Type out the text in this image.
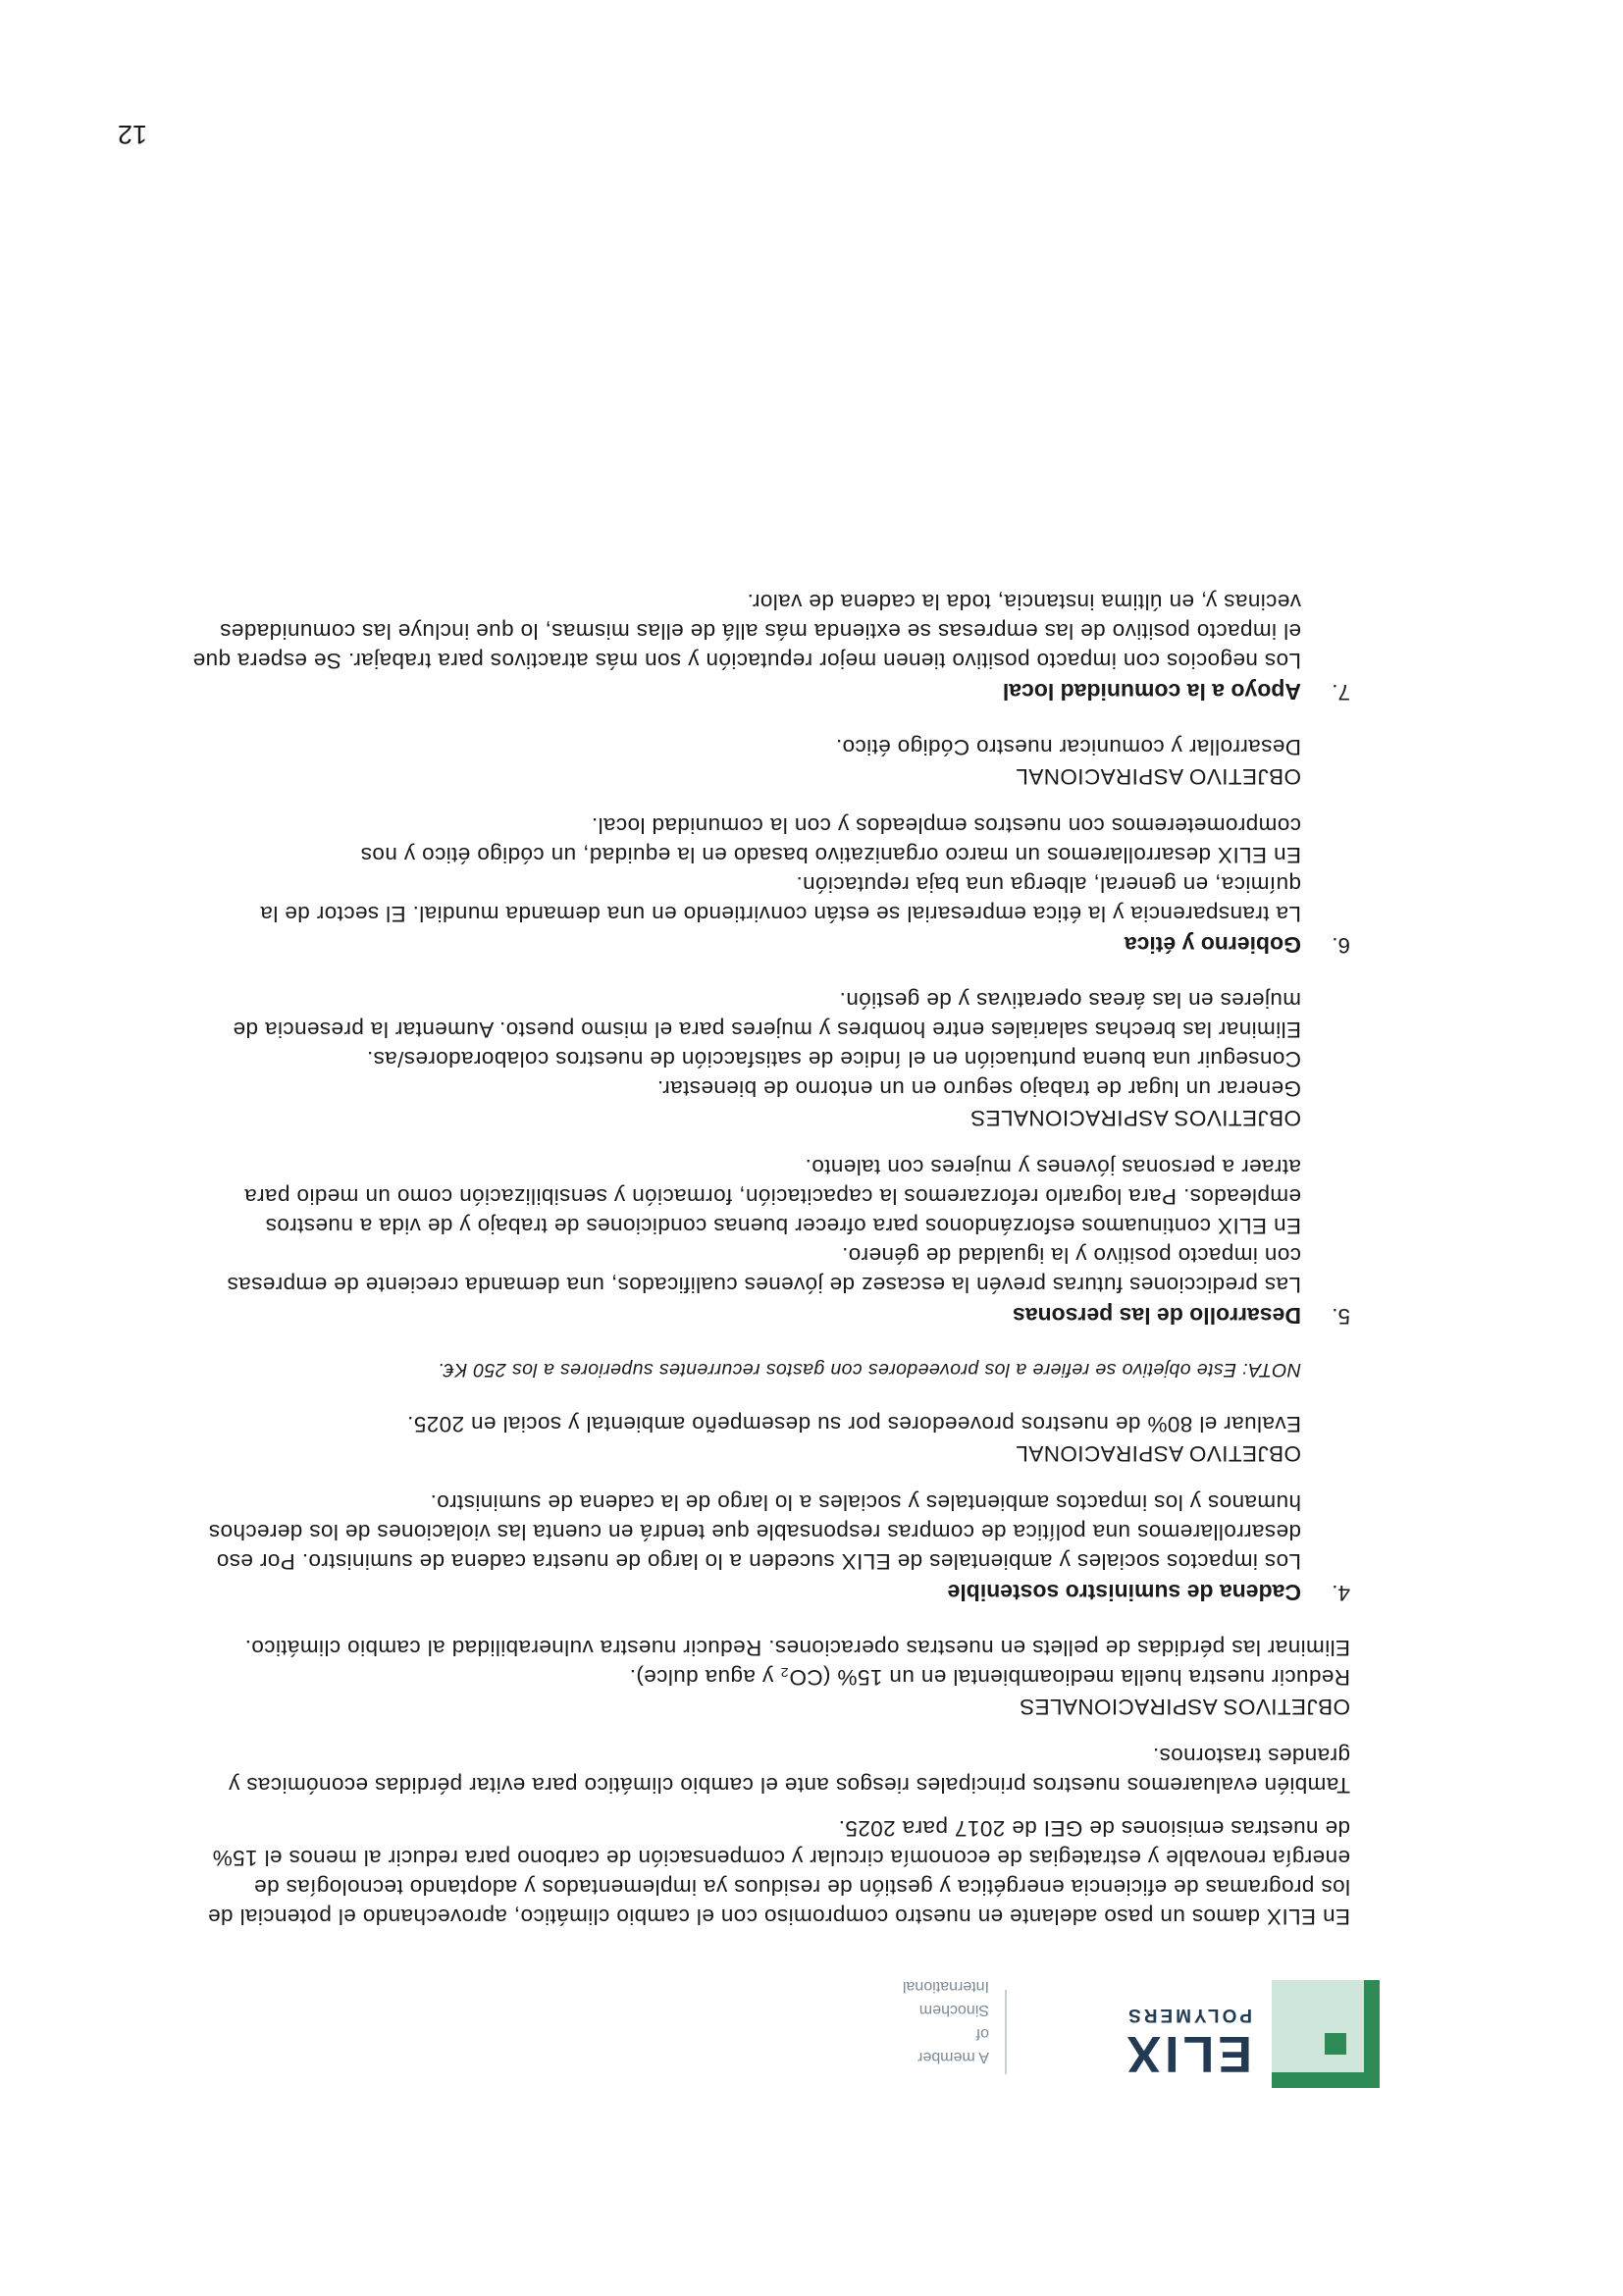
ELIX
POLYMERS
A member of
Sinochem
International

En ELIX damos un paso adelante en nuestro compromiso con el cambio climático, aprovechando el potencial de los programas de eficiencia energética y gestión de residuos ya implementados y adoptando tecnologías de energía renovable y estrategias de economía circular y compensación de carbono para reducir al menos el 15% de nuestras emisiones de GEI de 2017 para 2025.

También evaluaremos nuestros principales riesgos ante el cambio climático para evitar pérdidas económicas y grandes trastornos.

OBJETIVOS ASPIRACIONALES

Reducir nuestra huella medioambiental en un 15% (CO₂ y agua dulce).

Eliminar las pérdidas de pellets en nuestras operaciones. Reducir nuestra vulnerabilidad al cambio climático.

4.
Cadena de suministro sostenible

Los impactos sociales y ambientales de ELIX suceden a lo largo de nuestra cadena de suministro. Por eso desarrollaremos una política de compras responsable que tendrá en cuenta las violaciones de los derechos humanos y los impactos ambientales y sociales a lo largo de la cadena de suministro.

OBJETIVO ASPIRACIONAL

Evaluar el 80% de nuestros proveedores por su desempeño ambiental y social en 2025.

NOTA: Este objetivo se refiere a los proveedores con gastos recurrentes superiores a los 250 K€.

5.
Desarrollo de las personas

Las predicciones futuras prevén la escasez de jóvenes cualificados, una demanda creciente de empresas con impacto positivo y la igualdad de género.

En ELIX continuamos esforzándonos para ofrecer buenas condiciones de trabajo y de vida a nuestros empleados. Para lograrlo reforzaremos la capacitación, formación y sensibilización como un medio para atraer a personas jóvenes y mujeres con talento.

OBJETIVOS ASPIRACIONALES

Generar un lugar de trabajo seguro en un entorno de bienestar.

Conseguir una buena puntuación en el índice de satisfacción de nuestros colaboradores/as.

Eliminar las brechas salariales entre hombres y mujeres para el mismo puesto. Aumentar la presencia de mujeres en las áreas operativas y de gestión.

6.
Gobierno y ética

La transparencia y la ética empresarial se están convirtiendo en una demanda mundial. El sector de la química, en general, alberga una baja reputación.

En ELIX desarrollaremos un marco organizativo basado en la equidad, un código ético y nos comprometeremos con nuestros empleados y con la comunidad local.

OBJETIVO ASPIRACIONAL

Desarrollar y comunicar nuestro Código ético.

7.
Apoyo a la comunidad local

Los negocios con impacto positivo tienen mejor reputación y son más atractivos para trabajar. Se espera que el impacto positivo de las empresas se extienda más allá de ellas mismas, lo que incluye las comunidades vecinas y, en última instancia, toda la cadena de valor.

12
